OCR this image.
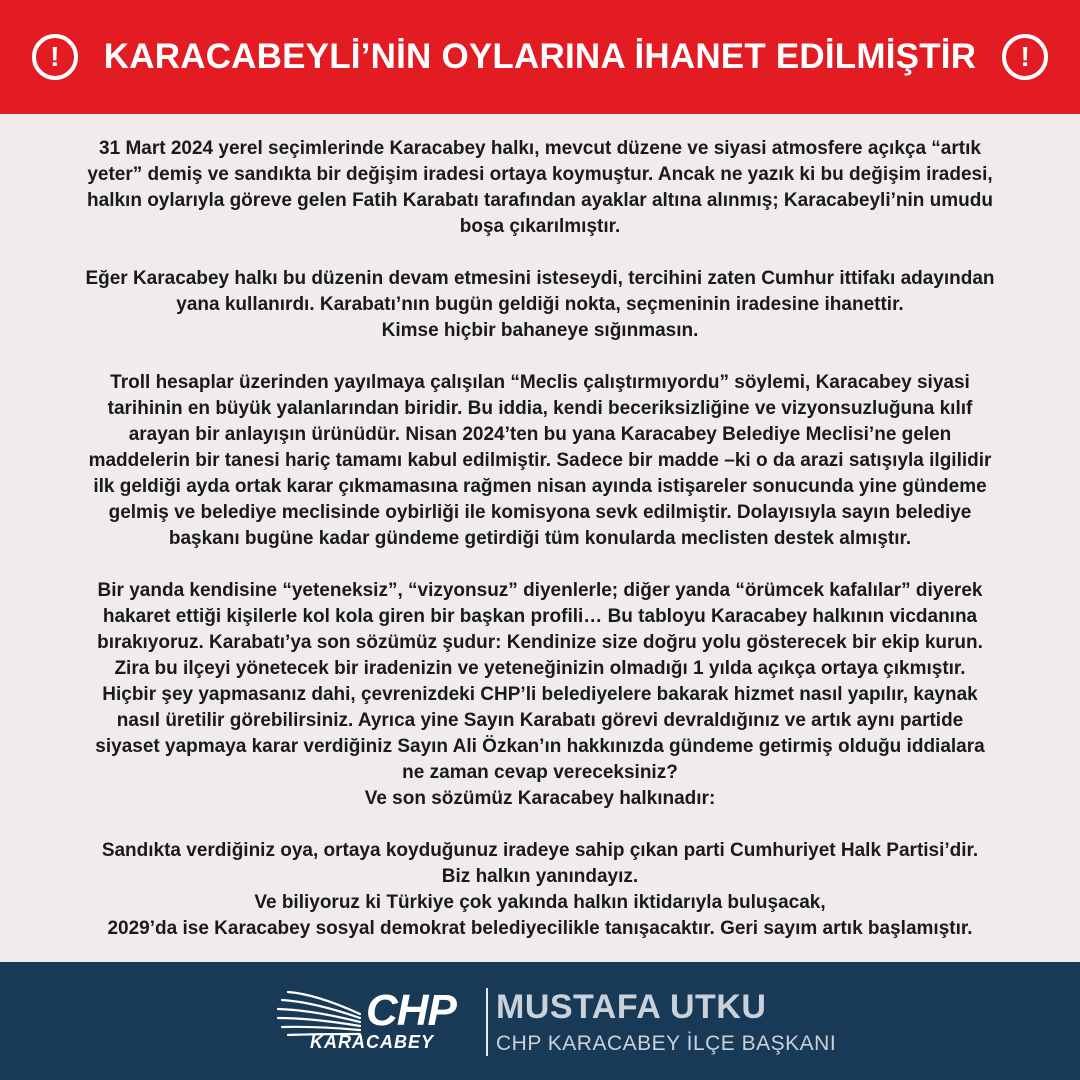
!	KARACABEYLİ’NİN OYLARINA İHANET EDİLMİŞTİR	!

31 Mart 2024 yerel seçimlerinde Karacabey halkı, mevcut düzene ve siyasi atmosfere açıkça “artık

yeter” demiş ve sandıkta bir değişim iradesi ortaya koymuştur. Ancak ne yazık ki bu değişim iradesi,

halkın oylarıyla göreve gelen Fatih Karabatı tarafından ayaklar altına alınmış; Karacabeyli’nin umudu

boşa çıkarılmıştır.

Eğer Karacabey halkı bu düzenin devam etmesini isteseydi, tercihini zaten Cumhur ittifakı adayından

yana kullanırdı. Karabatı’nın bugün geldiği nokta, seçmeninin iradesine ihanettir.

Kimse hiçbir bahaneye sığınmasın.

Troll hesaplar üzerinden yayılmaya çalışılan “Meclis çalıştırmıyordu” söylemi, Karacabey siyasi

tarihinin en büyük yalanlarından biridir. Bu iddia, kendi beceriksizliğine ve vizyonsuzluğuna kılıf

arayan bir anlayışın ürünüdür. Nisan 2024’ten bu yana Karacabey Belediye Meclisi’ne gelen

maddelerin bir tanesi hariç tamamı kabul edilmiştir. Sadece bir madde –ki o da arazi satışıyla ilgilidir

ilk geldiği ayda ortak karar çıkmamasına rağmen nisan ayında istişareler sonucunda yine gündeme

gelmiş ve belediye meclisinde oybirliği ile komisyona sevk edilmiştir. Dolayısıyla sayın belediye

başkanı bugüne kadar gündeme getirdiği tüm konularda meclisten destek almıştır.

Bir yanda kendisine “yeteneksiz”, “vizyonsuz” diyenlerle; diğer yanda “örümcek kafalılar” diyerek

hakaret ettiği kişilerle kol kola giren bir başkan profili… Bu tabloyu Karacabey halkının vicdanına

bırakıyoruz. Karabatı’ya son sözümüz şudur: Kendinize size doğru yolu gösterecek bir ekip kurun.

Zira bu ilçeyi yönetecek bir iradenizin ve yeteneğinizin olmadığı 1 yılda açıkça ortaya çıkmıştır.

Hiçbir şey yapmasanız dahi, çevrenizdeki CHP’li belediyelere bakarak hizmet nasıl yapılır, kaynak

nasıl üretilir görebilirsiniz. Ayrıca yine Sayın Karabatı görevi devraldığınız ve artık aynı partide

siyaset yapmaya karar verdiğiniz Sayın Ali Özkan’ın hakkınızda gündeme getirmiş olduğu iddialara

ne zaman cevap vereceksiniz?

Ve son sözümüz Karacabey halkınadır:

Sandıkta verdiğiniz oya, ortaya koyduğunuz iradeye sahip çıkan parti Cumhuriyet Halk Partisi’dir.

Biz halkın yanındayız.

Ve biliyoruz ki Türkiye çok yakında halkın iktidarıyla buluşacak,

2029’da ise Karacabey sosyal demokrat belediyecilikle tanışacaktır. Geri sayım artık başlamıştır.

CHP
KARACABEY
MUSTAFA UTKU
CHP KARACABEY İLÇE BAŞKANI
